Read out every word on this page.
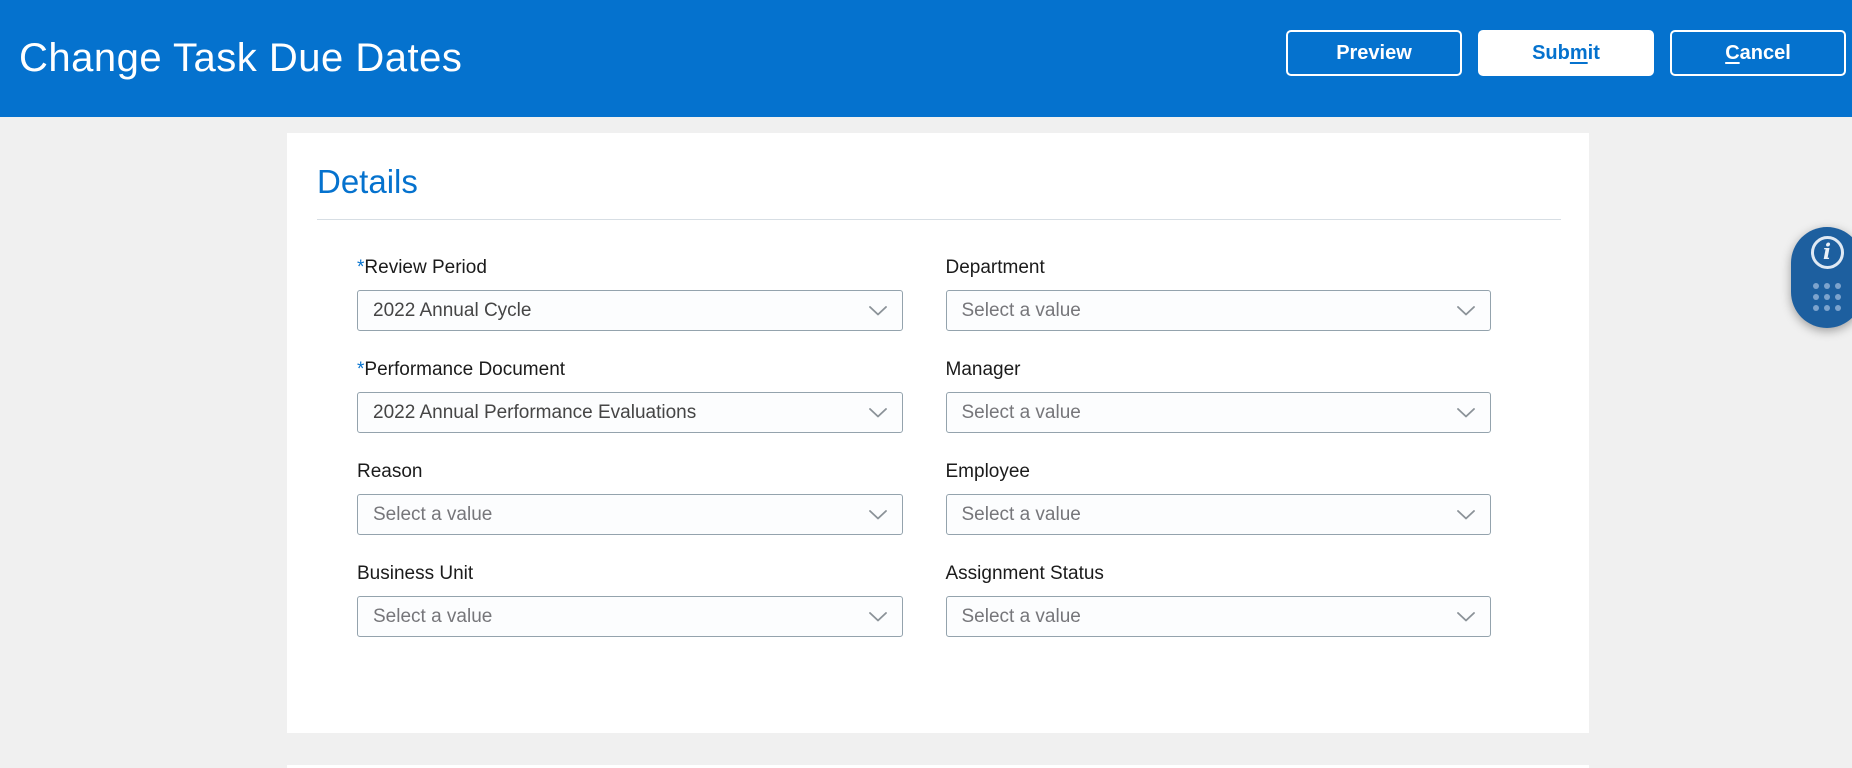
Change Task Due Dates	Preview	Submit	Cancel
Details
*Review Period
2022 Annual Cycle
*Performance Document
2022 Annual Performance Evaluations
Reason
Select a value
Business Unit
Select a value
Department
Select a value
Manager
Select a value
Employee
Select a value
Assignment Status
Select a value
i
